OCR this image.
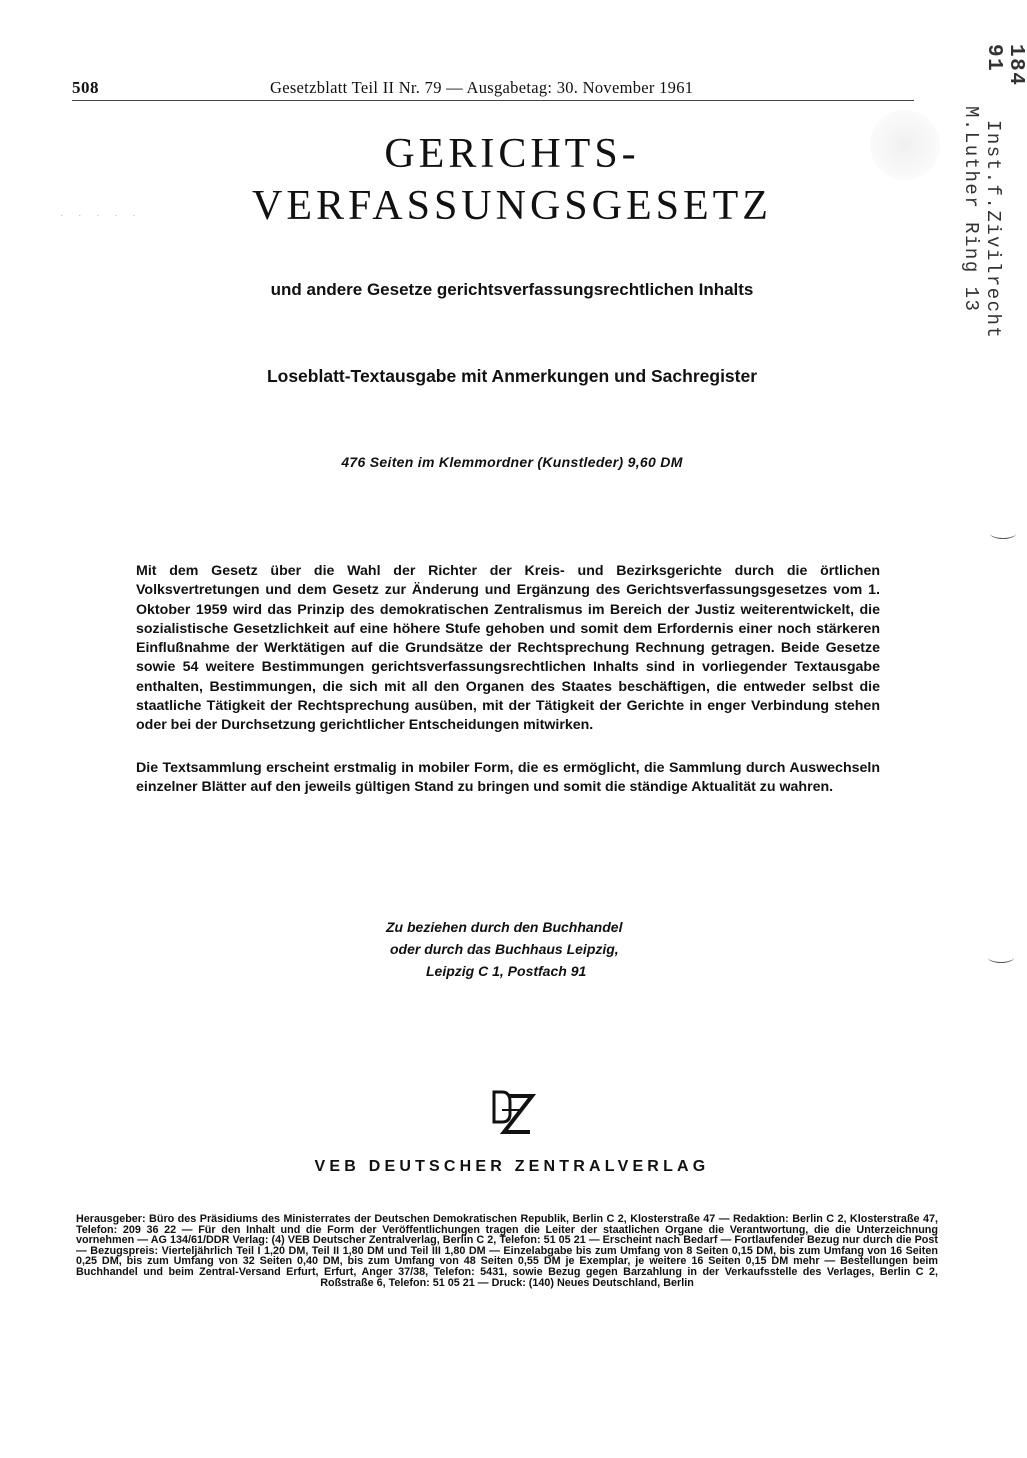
508	Gesetzblatt Teil II Nr. 79 — Ausgabetag: 30. November 1961
91 184
Inst.f.Zivilrecht
M.Luther Ring 13
· · · · ·
GERICHTS-
VERFASSUNGSGESETZ
und andere Gesetze gerichtsverfassungsrechtlichen Inhalts
Loseblatt-Textausgabe mit Anmerkungen und Sachregister
476 Seiten im Klemmordner (Kunstleder) 9,60 DM

Mit dem Gesetz über die Wahl der Richter der Kreis- und Bezirksgerichte durch die örtlichen Volksvertretungen und dem Gesetz zur Änderung und Ergänzung des Gerichtsverfassungsgesetzes vom 1. Oktober 1959 wird das Prinzip des demokratischen Zentralismus im Bereich der Justiz weiterentwickelt, die sozialistische Gesetzlichkeit auf eine höhere Stufe gehoben und somit dem Erfordernis einer noch stärkeren Einflußnahme der Werktätigen auf die Grundsätze der Rechtsprechung Rechnung getragen. Beide Gesetze sowie 54 weitere Bestimmungen gerichtsverfassungsrechtlichen Inhalts sind in vorliegender Textausgabe enthalten, Bestimmungen, die sich mit all den Organen des Staates beschäftigen, die entweder selbst die staatliche Tätigkeit der Rechtsprechung ausüben, mit der Tätigkeit der Gerichte in enger Verbindung stehen oder bei der Durchsetzung gerichtlicher Entscheidungen mitwirken.

Die Textsammlung erscheint erstmalig in mobiler Form, die es ermöglicht, die Sammlung durch Auswechseln einzelner Blätter auf den jeweils gültigen Stand zu bringen und somit die ständige Aktualität zu wahren.

Zu beziehen durch den Buchhandel
oder durch das Buchhaus Leipzig,
Leipzig C 1, Postfach 91
VEB DEUTSCHER ZENTRALVERLAG

Herausgeber: Büro des Präsidiums des Ministerrates der Deutschen Demokratischen Republik, Berlin C 2, Klosterstraße 47 — Redaktion: Berlin C 2, Klosterstraße 47, Telefon: 209 36 22 — Für den Inhalt und die Form der Veröffentlichungen tragen die Leiter der staatlichen Organe die Verantwortung, die die Unterzeichnung vornehmen — AG 134/61/DDR Verlag: (4) VEB Deutscher Zentralverlag, Berlin C 2, Telefon: 51 05 21 — Erscheint nach Bedarf — Fortlaufender Bezug nur durch die Post — Bezugspreis: Vierteljährlich Teil I 1,20 DM, Teil II 1,80 DM und Teil III 1,80 DM — Einzelabgabe bis zum Umfang von 8 Seiten 0,15 DM, bis zum Umfang von 16 Seiten 0,25 DM, bis zum Umfang von 32 Seiten 0,40 DM, bis zum Umfang von 48 Seiten 0,55 DM je Exemplar, je weitere 16 Seiten 0,15 DM mehr — Bestellungen beim Buchhandel und beim Zentral-Versand Erfurt, Erfurt, Anger 37/38, Telefon: 5431, sowie Bezug gegen Barzahlung in der Verkaufsstelle des Verlages, Berlin C 2, Roßstraße 6, Telefon: 51 05 21 — Druck: (140) Neues Deutschland, Berlin
